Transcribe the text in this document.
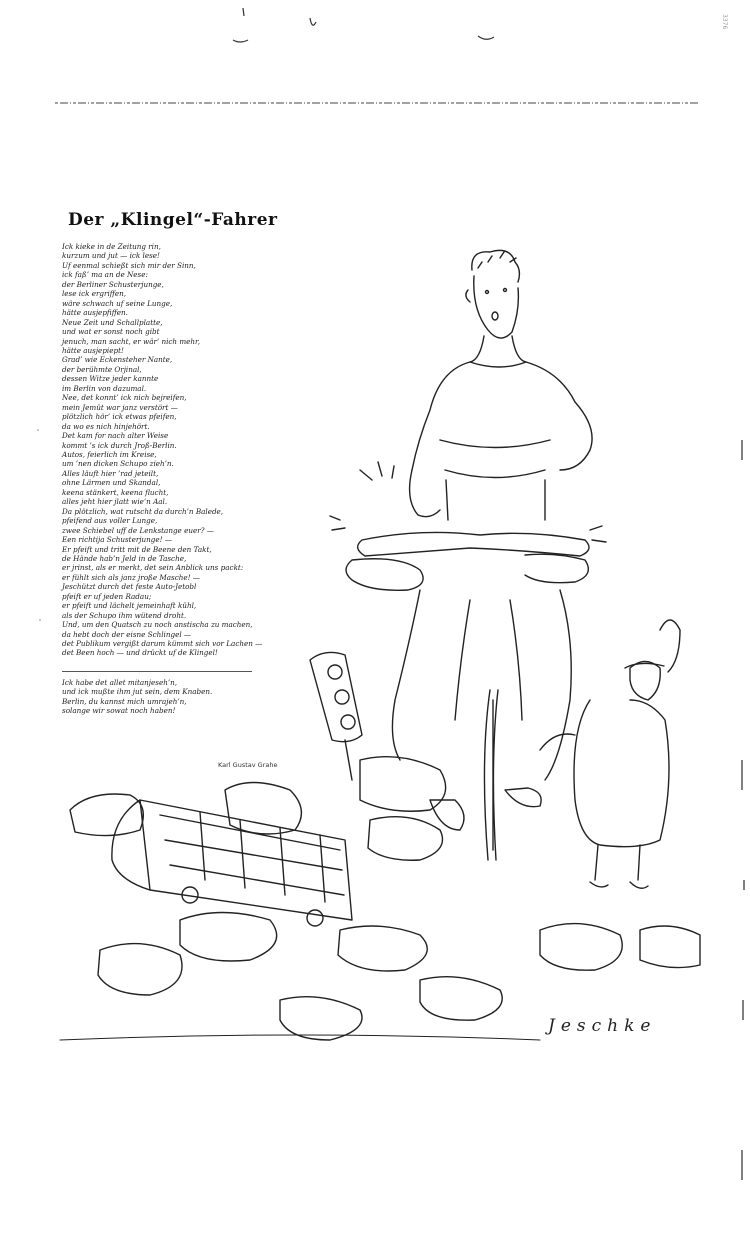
3376
Der „Klingel“-Fahrer
Ick kieke in de Zeitung rin,
kurzum und jut — ick lese!
Uf eenmal schießt sich mir der Sinn,
ick faß’ ma an de Nese:
der Berliner Schusterjunge,
lese ick ergriffen,
wäre schwach uf seine Lunge,
hätte ausjepfiffen.
Neue Zeit und Schallplatte,
und wat er sonst noch gibt
jenuch, man sacht, er wär’ nich mehr,
hätte ausjepiept!
Grad’ wie Eckensteher Nante,
der berühmte Orjinal,
dessen Witze jeder kannte
im Berlin von dazumal.
Nee, det konnt’ ick nich bejreifen,
mein Jemüt war janz verstört —
plötzlich hör’ ick etwas pfeifen,
da wo es nich hinjehört.
Det kam for nach alter Weise
kommt ’s ick durch Jroß-Berlin.
Autos, feierlich im Kreise,
um ’nen dicken Schupo zieh’n.
Alles läuft hier ’rad jeteilt,
ohne Lärmen und Skandal,
keena stänkert, keena flucht,
alles jeht hier jlatt wie’n Aal.
Da plötzlich, wat rutscht da durch’n Balede,
pfeifend aus voller Lunge,
zwee Schiebel uff de Lenkstange euer? —
Een richtija Schusterjunge! —
Er pfeift und tritt mit de Beene den Takt,
de Hände hab’n Jeld in de Tasche,
er jrinst, als er merkt, det sein Anblick uns packt:
er fühlt sich als janz jroße Masche! —
Jeschützt durch det feste Auto-Jetobl
pfeift er uf jeden Radau;
er pfeift und lächelt jemeinhaft kühl,
als der Schupo ihm wütend droht.
Und, um den Quatsch zu noch anstischa zu machen,
da hebt doch der eisne Schlingel —
det Publikum vergißt darum kümmt sich vor Lachen —
det Been hoch — und drückt uf de Klingel!
Ick habe det allet mitanjeseh’n,
und ick mußte ihm jut sein, dem Knaben.
Berlin, du kannst mich umrajeh’n,
solange wir sowat noch haben!
Karl Gustav Grahe
Jeschke
